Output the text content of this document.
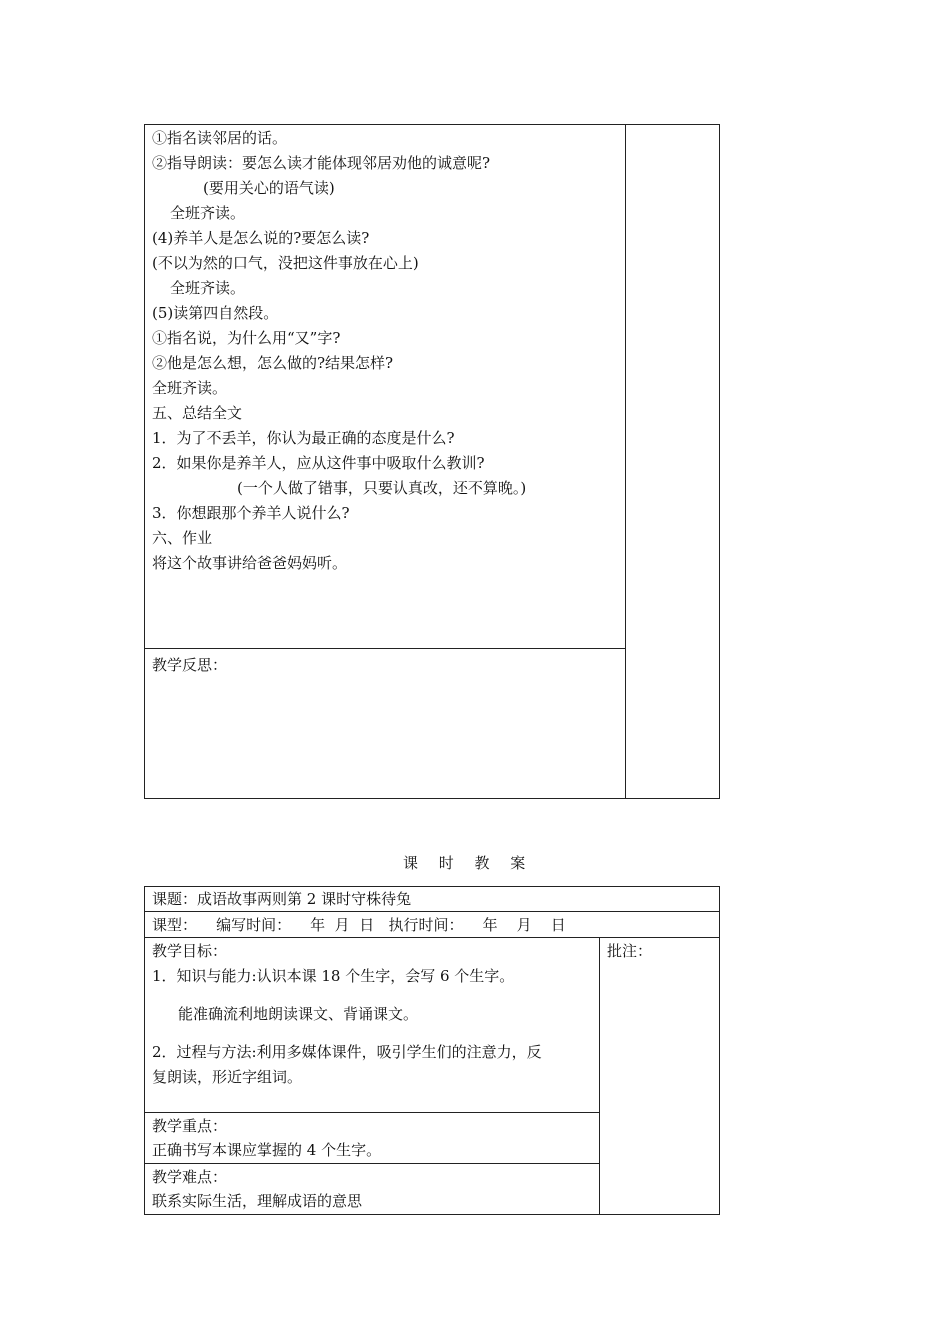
①指名读邻居的话。
②指导朗读：要怎么读才能体现邻居劝他的诚意呢?
(要用关心的语气读)
全班齐读。
(4)养羊人是怎么说的?要怎么读?
(不以为然的口气，没把这件事放在心上)
全班齐读。
(5)读第四自然段。
①指名说，为什么用“又”字?
②他是怎么想，怎么做的?结果怎样?
全班齐读。
五、总结全文
1．为了不丢羊，你认为最正确的态度是什么?
2．如果你是养羊人，应从这件事中吸取什么教训?
(一个人做了错事，只要认真改，还不算晚。)
3．你想跟那个养羊人说什么?
六、作业
将这个故事讲给爸爸妈妈听。
教学反思：
课 时 教 案
课题：成语故事两则第 2 课时守株待兔
课型：    编写时间：    年  月  日   执行时间：    年    月    日
教学目标：
1．知识与能力:认识本课 18 个生字，会写 6 个生字。
能准确流利地朗读课文、背诵课文。
2．过程与方法:利用多媒体课件，吸引学生们的注意力，反
复朗读，形近字组词。
批注：
教学重点：
正确书写本课应掌握的 4 个生字。
教学难点：
联系实际生活，理解成语的意思
